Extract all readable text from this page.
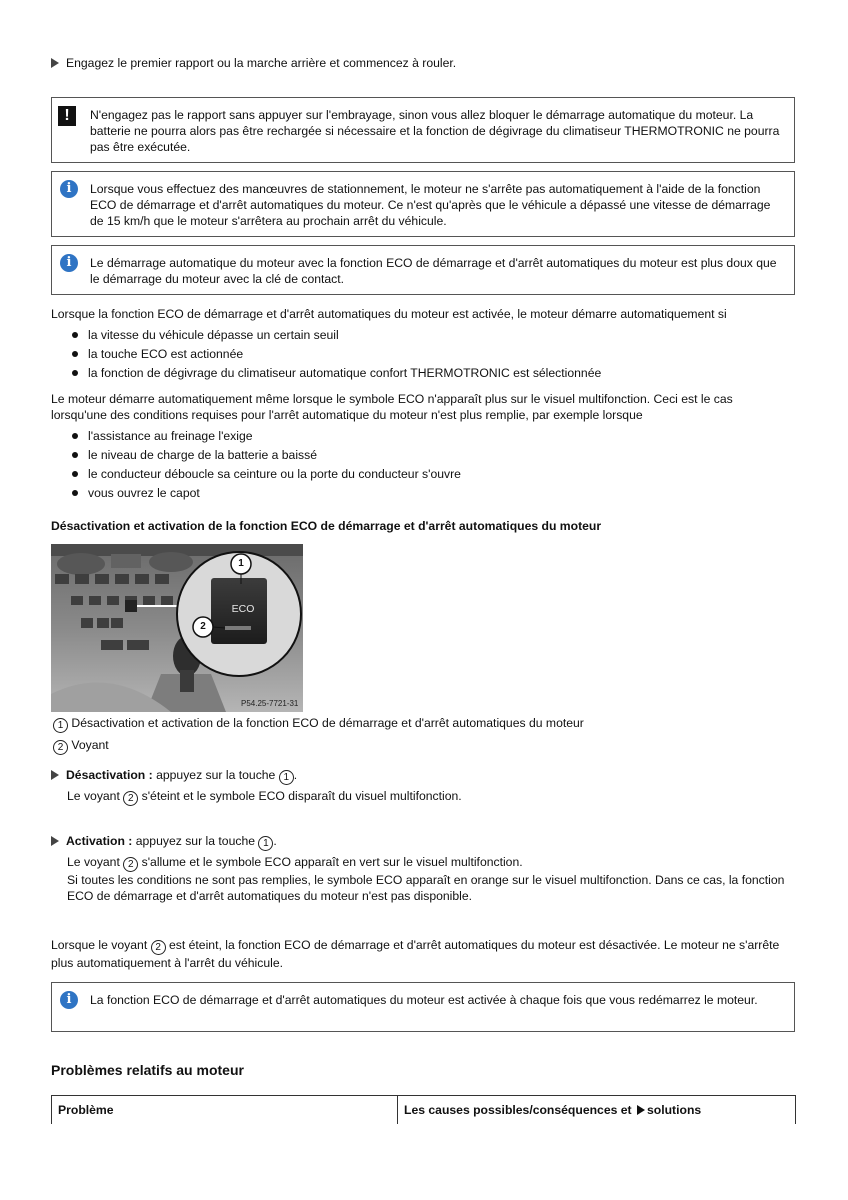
Engagez le premier rapport ou la marche arrière et commencez à rouler.
!	N'engagez pas le rapport sans appuyer sur l'embrayage, sinon vous allez bloquer le démarrage automatique du moteur. La batterie ne pourra alors pas être rechargée si nécessaire et la fonction de dégivrage du climatiseur THERMOTRONIC ne pourra pas être exécutée.
i	Lorsque vous effectuez des manœuvres de stationnement, le moteur ne s'arrête pas automatiquement à l'aide de la fonction ECO de démarrage et d'arrêt automatiques du moteur. Ce n'est qu'après que le véhicule a dépassé une vitesse de démarrage de 15 km/h que le moteur s'arrêtera au prochain arrêt du véhicule.
i	Le démarrage automatique du moteur avec la fonction ECO de démarrage et d'arrêt automatiques du moteur est plus doux que le démarrage du moteur avec la clé de contact.
Lorsque la fonction ECO de démarrage et d'arrêt automatiques du moteur est activée, le moteur démarre automatiquement si
la vitesse du véhicule dépasse un certain seuil
la touche ECO est actionnée
la fonction de dégivrage du climatiseur automatique confort THERMOTRONIC est sélectionnée
Le moteur démarre automatiquement même lorsque le symbole ECO n'apparaît plus sur le visuel multifonction. Ceci est le cas lorsqu'une des conditions requises pour l'arrêt automatique du moteur n'est plus remplie, par exemple lorsque
l'assistance au freinage l'exige
le niveau de charge de la batterie a baissé
le conducteur déboucle sa ceinture ou la porte du conducteur s'ouvre
vous ouvrez le capot
Désactivation et activation de la fonction ECO de démarrage et d'arrêt automatiques du moteur
ECO
1
2
P54.25-7721-31
1 Désactivation et activation de la fonction ECO de démarrage et d'arrêt automatiques du moteur
2 Voyant
Désactivation : appuyez sur la touche 1 .
Le voyant 2 s'éteint et le symbole ECO disparaît du visuel multifonction.
Activation : appuyez sur la touche 1 .
Le voyant 2 s'allume et le symbole ECO apparaît en vert sur le visuel multifonction.
Si toutes les conditions ne sont pas remplies, le symbole ECO apparaît en orange sur le visuel multifonction. Dans ce cas, la fonction ECO de démarrage et d'arrêt automatiques du moteur n'est pas disponible.
Lorsque le voyant 2 est éteint, la fonction ECO de démarrage et d'arrêt automatiques du moteur est désactivée. Le moteur ne s'arrête plus automatiquement à l'arrêt du véhicule.
i	La fonction ECO de démarrage et d'arrêt automatiques du moteur est activée à chaque fois que vous redémarrez le moteur.
Problèmes relatifs au moteur
Problème	Les causes possibles/conséquences et solutions
